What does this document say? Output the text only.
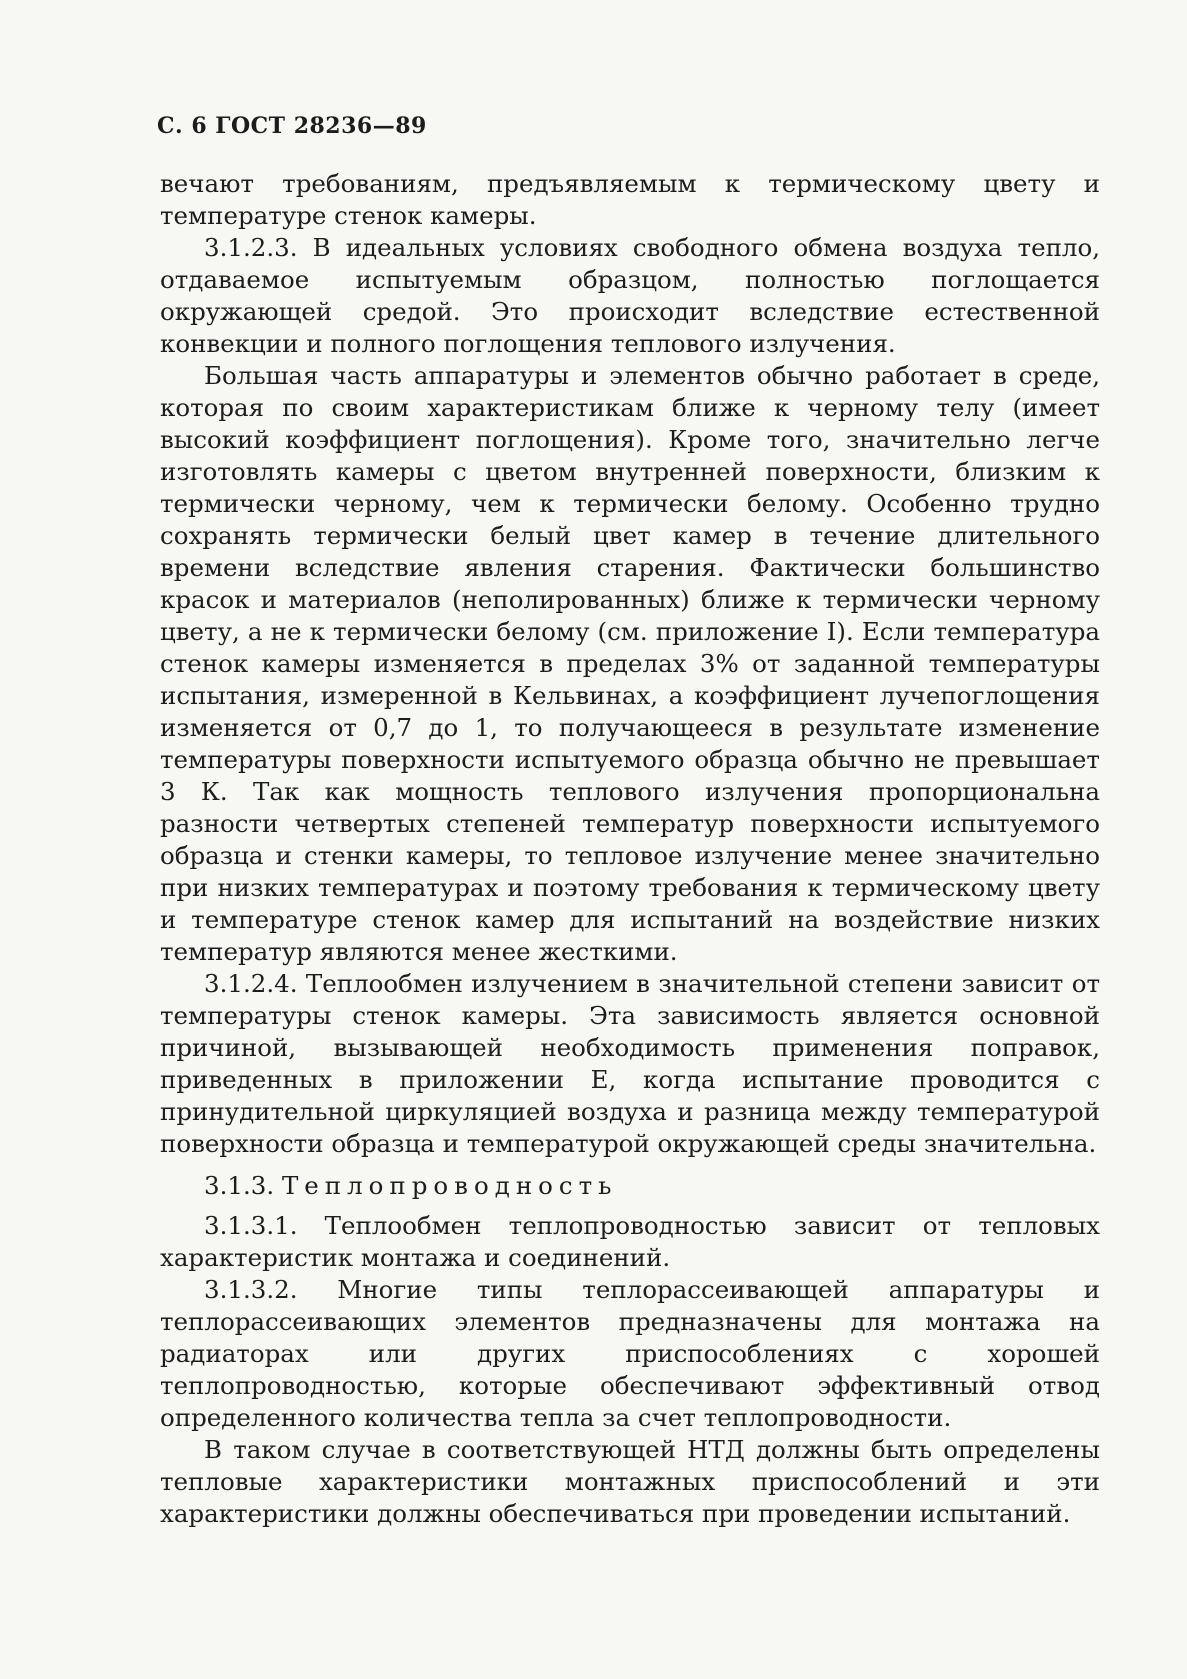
С. 6 ГОСТ 28236—89

вечают требованиям, предъявляемым к термическому цвету и температуре стенок камеры.

3.1.2.3. В идеальных условиях свободного обмена воздуха тепло, отдаваемое испытуемым образцом, полностью поглощается окружающей средой. Это происходит вследствие естественной конвекции и полного поглощения теплового излучения.

Большая часть аппаратуры и элементов обычно работает в среде, которая по своим характеристикам ближе к черному телу (имеет высокий коэффициент поглощения). Кроме того, значительно легче изготовлять камеры с цветом внутренней поверхности, близким к термически черному, чем к термически белому. Особенно трудно сохранять термически белый цвет камер в течение длительного времени вследствие явления старения. Фактически большинство красок и материалов (неполированных) ближе к термически черному цвету, а не к термически белому (см. приложение I). Если температура стенок камеры изменяется в пределах 3% от заданной температуры испытания, измеренной в Кельвинах, а коэффициент лучепоглощения изменяется от 0,7 до 1, то получающееся в результате изменение температуры поверхности испытуемого образца обычно не превышает 3 К. Так как мощность теплового излучения пропорциональна разности четвертых степеней температур поверхности испытуемого образца и стенки камеры, то тепловое излучение менее значительно при низких температурах и поэтому требования к термическому цвету и температуре стенок камер для испытаний на воздействие низких температур являются менее жесткими.

3.1.2.4. Теплообмен излучением в значительной степени зависит от температуры стенок камеры. Эта зависимость является основной причиной, вызывающей необходимость применения поправок, приведенных в приложении Е, когда испытание проводится с принудительной циркуляцией воздуха и разница между температурой поверхности образца и температурой окружающей среды значительна.

3.1.3. Теплопроводность

3.1.3.1. Теплообмен теплопроводностью зависит от тепловых характеристик монтажа и соединений.

3.1.3.2. Многие типы теплорассеивающей аппаратуры и теплорассеивающих элементов предназначены для монтажа на радиаторах или других приспособлениях с хорошей теплопроводностью, которые обеспечивают эффективный отвод определенного количества тепла за счет теплопроводности.

В таком случае в соответствующей НТД должны быть определены тепловые характеристики монтажных приспособлений и эти характеристики должны обеспечиваться при проведении испытаний.
